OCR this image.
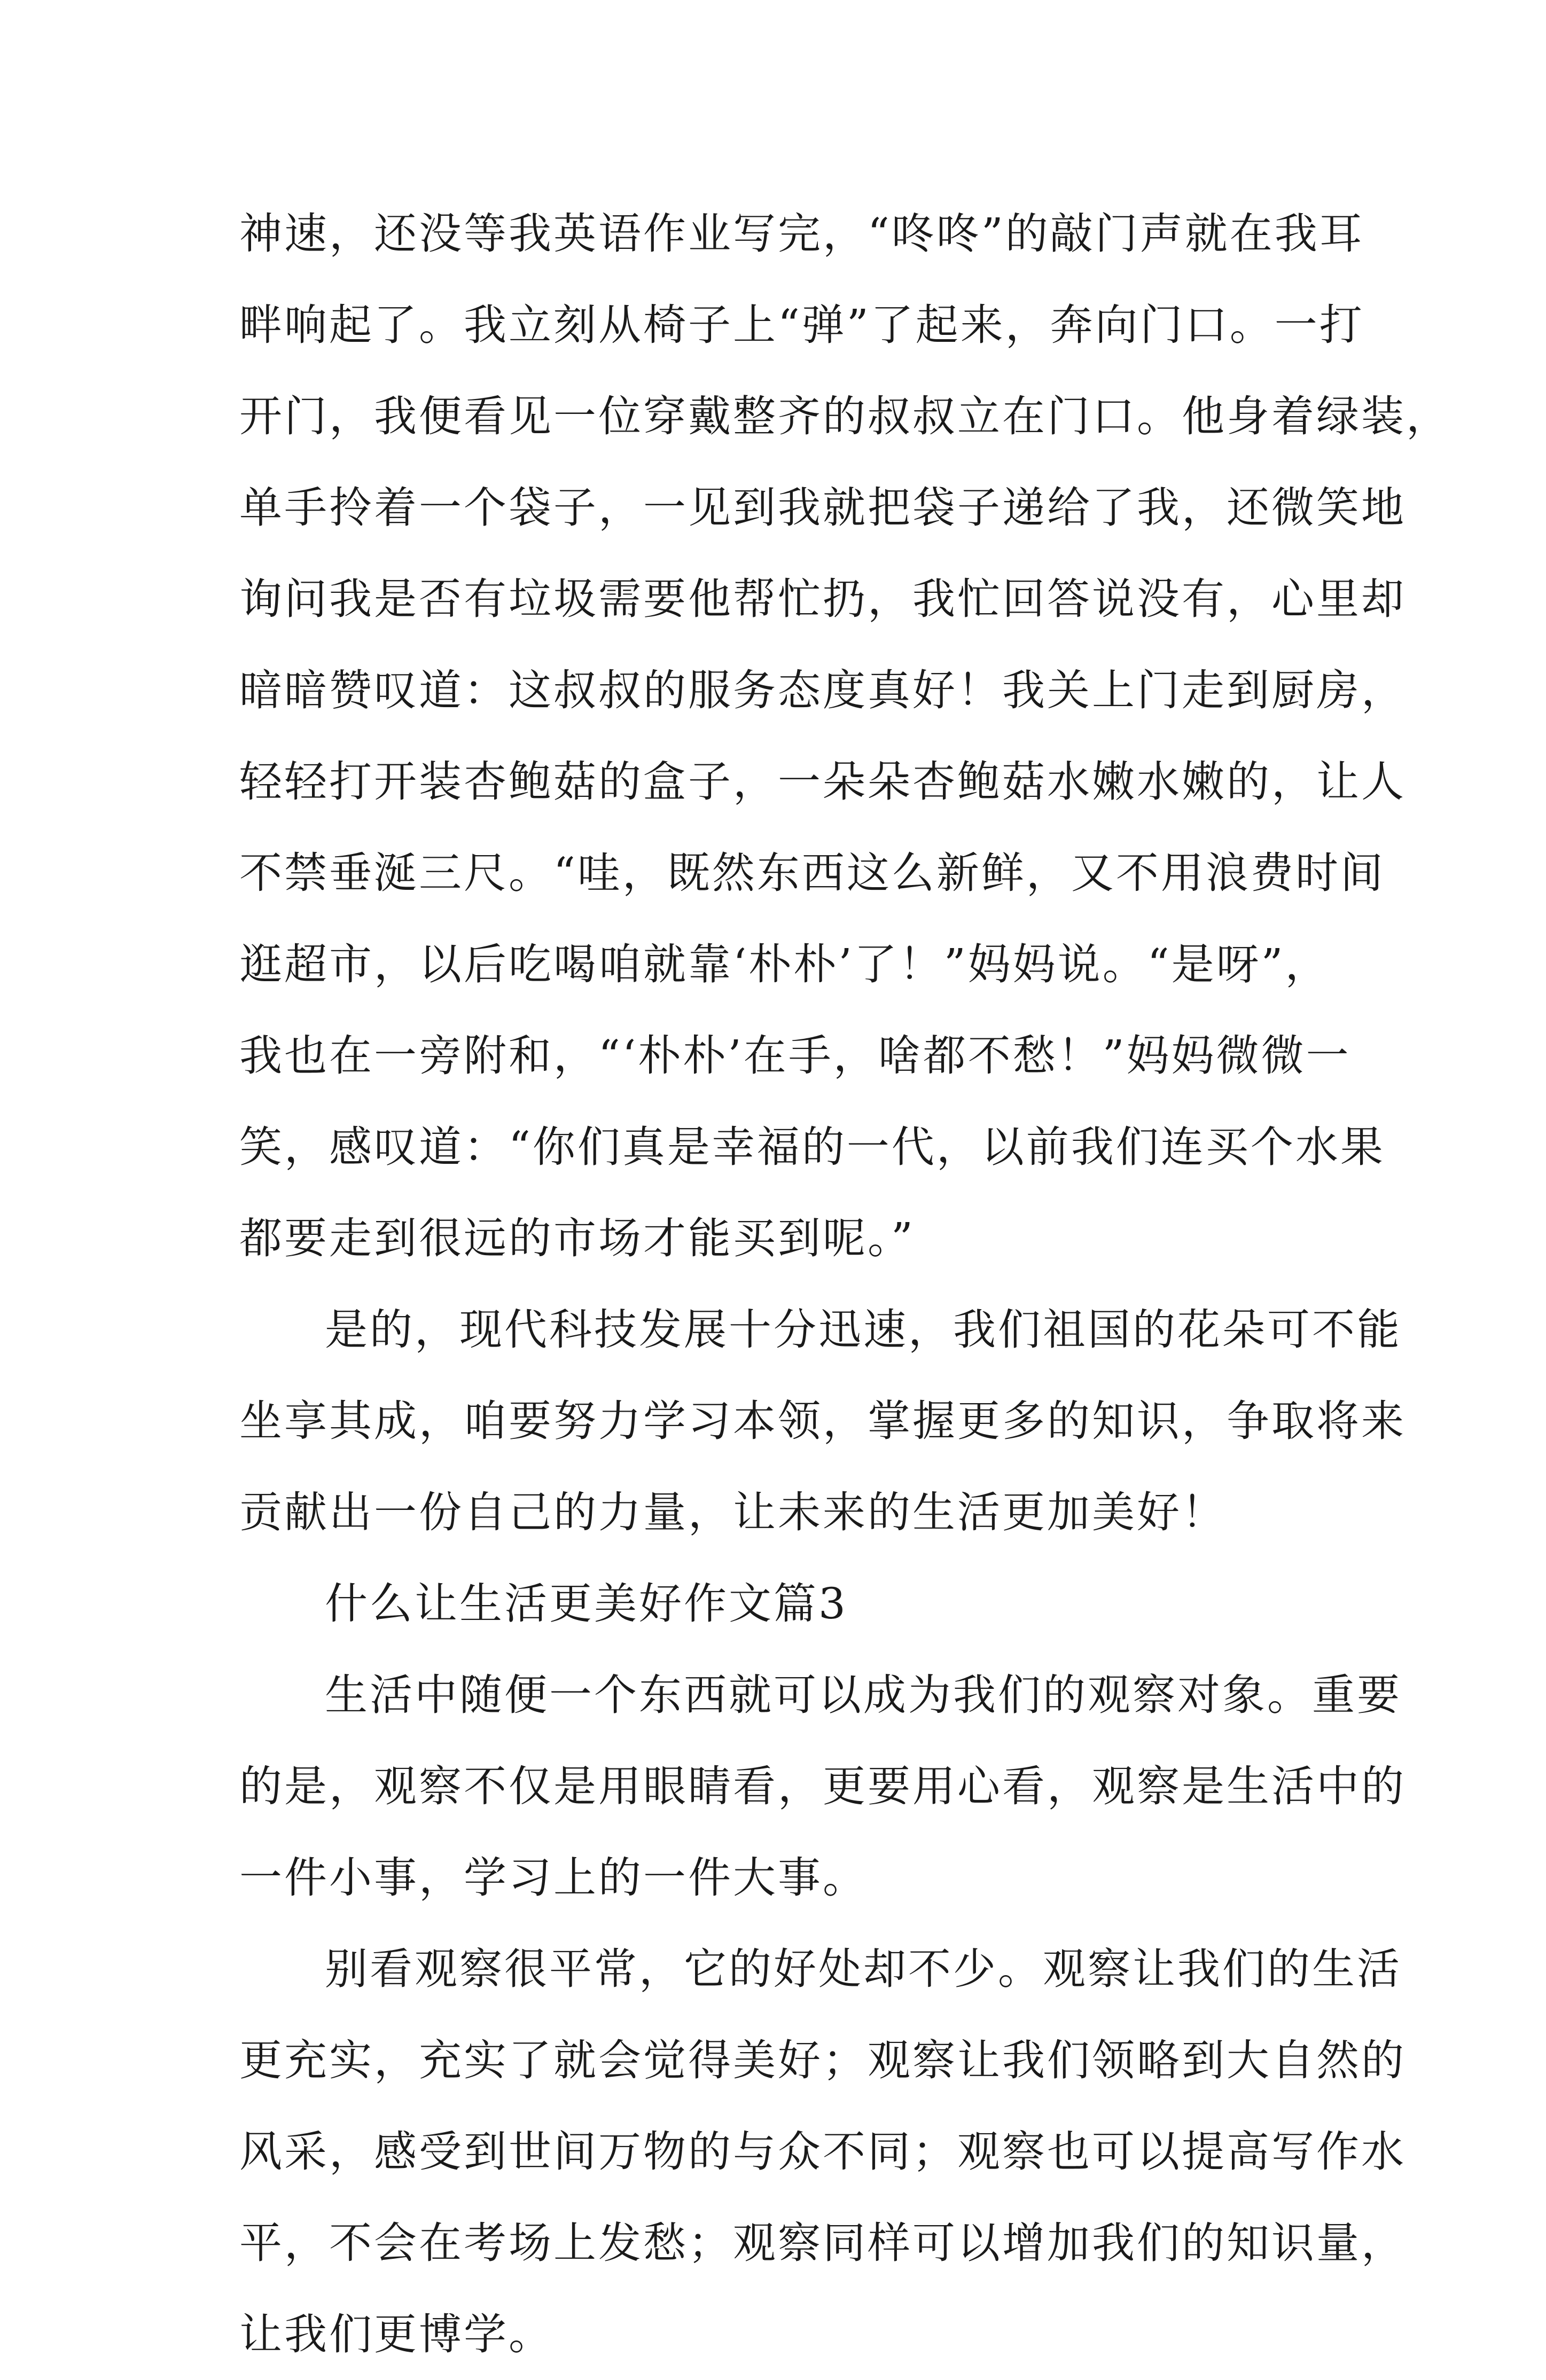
神速，还没等我英语作业写完，“咚咚”的敲门声就在我耳
畔响起了。我立刻从椅子上“弹”了起来，奔向门口。一打
开门，我便看见一位穿戴整齐的叔叔立在门口。他身着绿装，
单手拎着一个袋子，一见到我就把袋子递给了我，还微笑地
询问我是否有垃圾需要他帮忙扔，我忙回答说没有，心里却
暗暗赞叹道：这叔叔的服务态度真好！我关上门走到厨房，
轻轻打开装杏鲍菇的盒子，一朵朵杏鲍菇水嫩水嫩的，让人
不禁垂涎三尺。“哇，既然东西这么新鲜，又不用浪费时间
逛超市，以后吃喝咱就靠‘朴朴’了！”妈妈说。“是呀”，
我也在一旁附和，“‘朴朴’在手，啥都不愁！”妈妈微微一
笑，感叹道：“你们真是幸福的一代，以前我们连买个水果
都要走到很远的市场才能买到呢。”
是的，现代科技发展十分迅速，我们祖国的花朵可不能
坐享其成，咱要努力学习本领，掌握更多的知识，争取将来
贡献出一份自己的力量，让未来的生活更加美好！
什么让生活更美好作文篇3
生活中随便一个东西就可以成为我们的观察对象。重要
的是，观察不仅是用眼睛看，更要用心看，观察是生活中的
一件小事，学习上的一件大事。
别看观察很平常，它的好处却不少。观察让我们的生活
更充实，充实了就会觉得美好；观察让我们领略到大自然的
风采，感受到世间万物的与众不同；观察也可以提高写作水
平，不会在考场上发愁；观察同样可以增加我们的知识量，
让我们更博学。
